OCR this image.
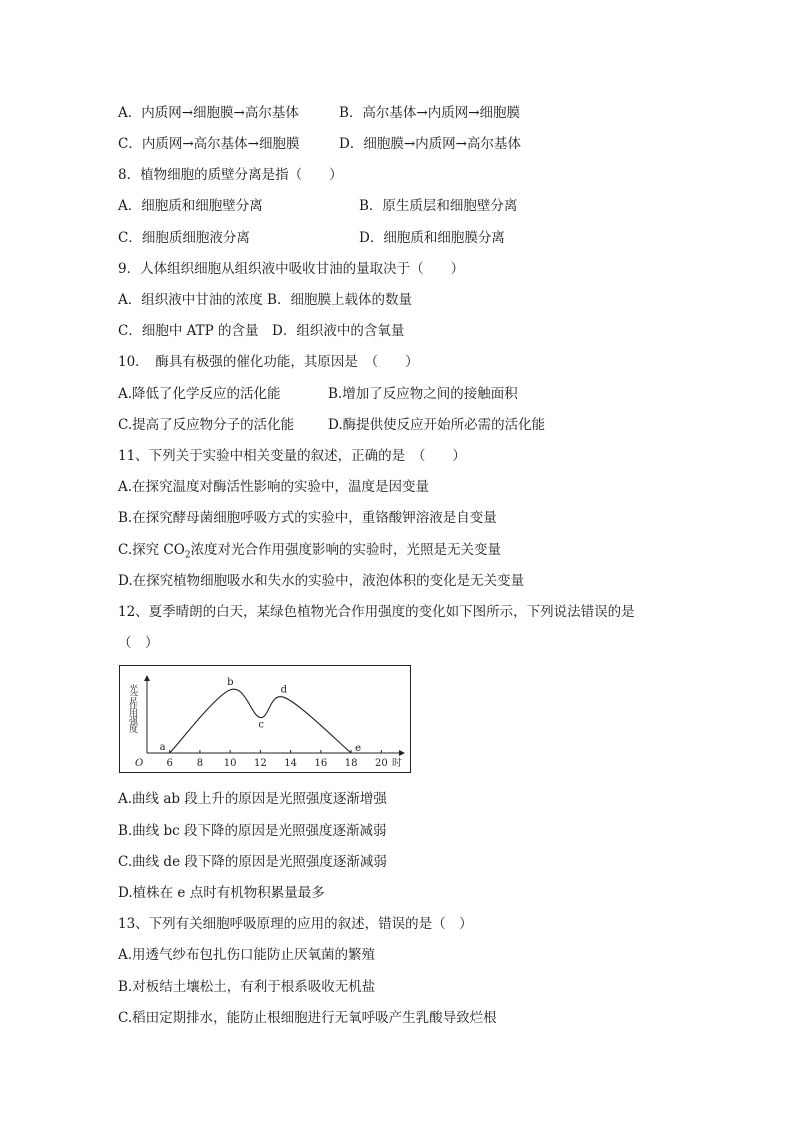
A．内质网→细胞膜→高尔基体	B．高尔基体→内质网→细胞膜
C．内质网→高尔基体→细胞膜	D．细胞膜→内质网→高尔基体
8．植物细胞的质壁分离是指（　　）
A．细胞质和细胞壁分离	B．原生质层和细胞壁分离
C．细胞质细胞液分离	D．细胞质和细胞膜分离
9．人体组织细胞从组织液中吸收甘油的量取决于（　　）
A．组织液中甘油的浓度 B．细胞膜上载体的数量
C．细胞中 ATP 的含量　D．组织液中的含氧量
10．　酶具有极强的催化功能，其原因是　（　　）
A.降低了化学反应的活化能	B.增加了反应物之间的接触面积
C.提高了反应物分子的活化能	D.酶提供使反应开始所必需的活化能
11、下列关于实验中相关变量的叙述，正确的是　（　　）
A.在探究温度对酶活性影响的实验中，温度是因变量
B.在探究酵母菌细胞呼吸方式的实验中，重铬酸钾溶液是自变量
C.探究 $CO_2$浓度对光合作用强度影响的实验时，光照是无关变量
D.在探究植物细胞吸水和失水的实验中，液泡体积的变化是无关变量
12、夏季晴朗的白天，某绿色植物光合作用强度的变化如下图所示，下列说法错误的是
（　）
O	时
光合作用强度
6 8 10 12 14 16 18 20
a
b
c
d
e
A.曲线 ab 段上升的原因是光照强度逐渐增强
B.曲线 bc 段下降的原因是光照强度逐渐减弱
C.曲线 de 段下降的原因是光照强度逐渐减弱
D.植株在 e 点时有机物积累量最多
13、下列有关细胞呼吸原理的应用的叙述，错误的是（　）
A.用透气纱布包扎伤口能防止厌氧菌的繁殖
B.对板结土壤松土，有利于根系吸收无机盐
C.稻田定期排水，能防止根细胞进行无氧呼吸产生乳酸导致烂根
